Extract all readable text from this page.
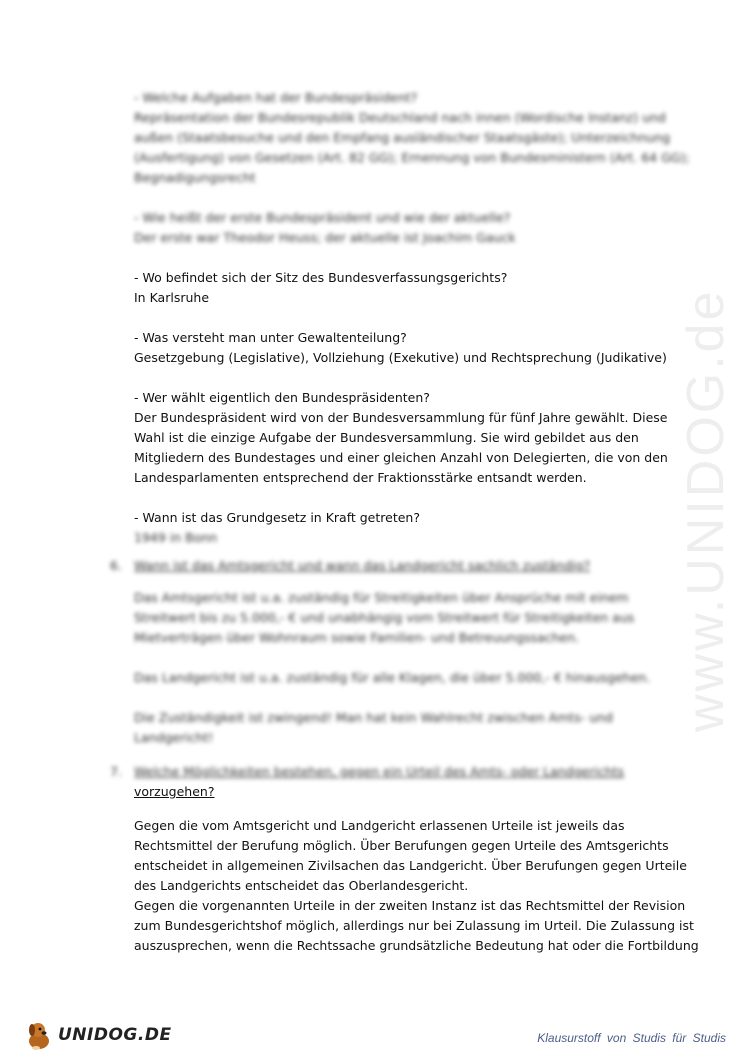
www.UNIDOG.de
- Welche Aufgaben hat der Bundespräsident?
Repräsentation der Bundesrepublik Deutschland nach innen (Wordische Instanz) und
außen (Staatsbesuche und den Empfang ausländischer Staatsgäste); Unterzeichnung
(Ausfertigung) von Gesetzen (Art. 82 GG); Ernennung von Bundesministern (Art. 64 GG);
Begnadigungsrecht
- Wie heißt der erste Bundespräsident und wie der aktuelle?
Der erste war Theodor Heuss; der aktuelle ist Joachim Gauck
- Wo befindet sich der Sitz des Bundesverfassungsgerichts?
In Karlsruhe
- Was versteht man unter Gewaltenteilung?
Gesetzgebung (Legislative), Vollziehung (Exekutive) und Rechtsprechung (Judikative)
- Wer wählt eigentlich den Bundespräsidenten?
Der Bundespräsident wird von der Bundesversammlung für fünf Jahre gewählt. Diese
Wahl ist die einzige Aufgabe der Bundesversammlung. Sie wird gebildet aus den
Mitgliedern des Bundestages und einer gleichen Anzahl von Delegierten, die von den
Landesparlamenten entsprechend der Fraktionsstärke entsandt werden.
- Wann ist das Grundgesetz in Kraft getreten?
1949 in Bonn
6. Wann ist das Amtsgericht und wann das Landgericht sachlich zuständig?
Das Amtsgericht ist u.a. zuständig für Streitigkeiten über Ansprüche mit einem
Streitwert bis zu 5.000,- € und unabhängig vom Streitwert für Streitigkeiten aus
Mietverträgen über Wohnraum sowie Familien- und Betreuungssachen.
Das Landgericht ist u.a. zuständig für alle Klagen, die über 5.000,- € hinausgehen.
Die Zuständigkeit ist zwingend! Man hat kein Wahlrecht zwischen Amts- und
Landgericht!
7. Welche Möglichkeiten bestehen, gegen ein Urteil des Amts- oder Landgerichts
vorzugehen?
Gegen die vom Amtsgericht und Landgericht erlassenen Urteile ist jeweils das
Rechtsmittel der Berufung möglich. Über Berufungen gegen Urteile des Amtsgerichts
entscheidet in allgemeinen Zivilsachen das Landgericht. Über Berufungen gegen Urteile
des Landgerichts entscheidet das Oberlandesgericht.
Gegen die vorgenannten Urteile in der zweiten Instanz ist das Rechtsmittel der Revision
zum Bundesgerichtshof möglich, allerdings nur bei Zulassung im Urteil. Die Zulassung ist
auszusprechen, wenn die Rechtssache grundsätzliche Bedeutung hat oder die Fortbildung
UNIDOG.DE	Klausurstoff von Studis für Studis
